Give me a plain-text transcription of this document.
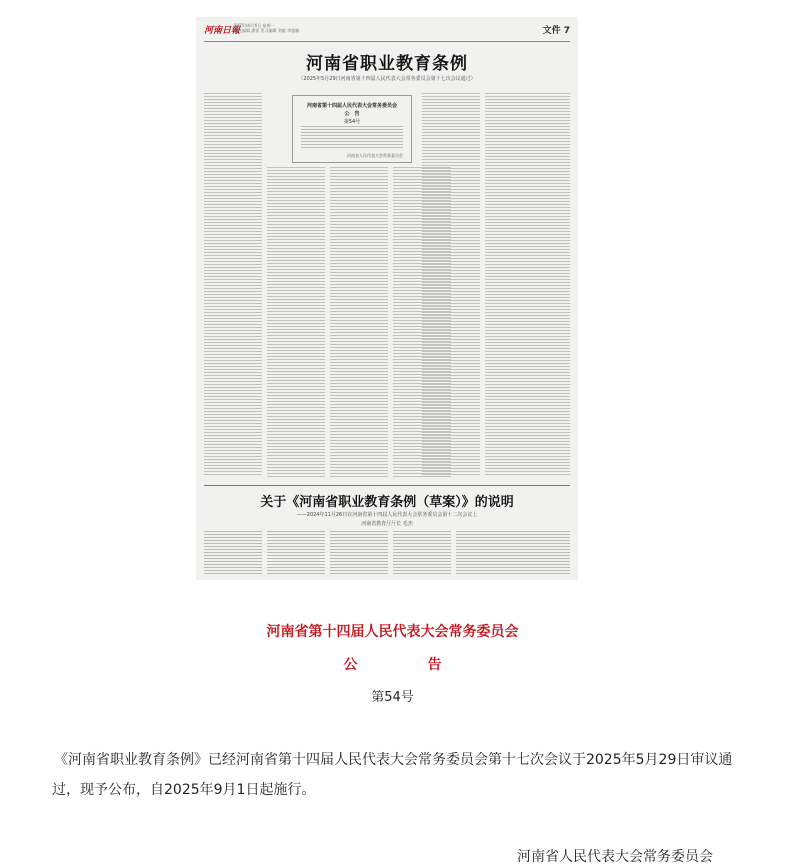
河南日報
2025年6月6日 星期一
责任编辑 潘雷 见习编辑 刘毅 李盛楠	文件 7
河南省职业教育条例
（2025年5月29日河南省第十四届人民代表大会常务委员会第十七次会议通过）
河南省第十四届人民代表大会常务委员会
公　告
第54号
河南省人民代表大会常务委员会
关于《河南省职业教育条例（草案）》的说明
——2024年11月26日在河南省第十四届人民代表大会常务委员会第十二次会议上
河南省教育厅厅长 毛杰
河南省第十四届人民代表大会常务委员会
公　告
第54号
《河南省职业教育条例》已经河南省第十四届人民代表大会常务委员会第十七次会议于2025年5月29日审议通过，现予公布，自2025年9月1日起施行。
河南省人民代表大会常务委员会
